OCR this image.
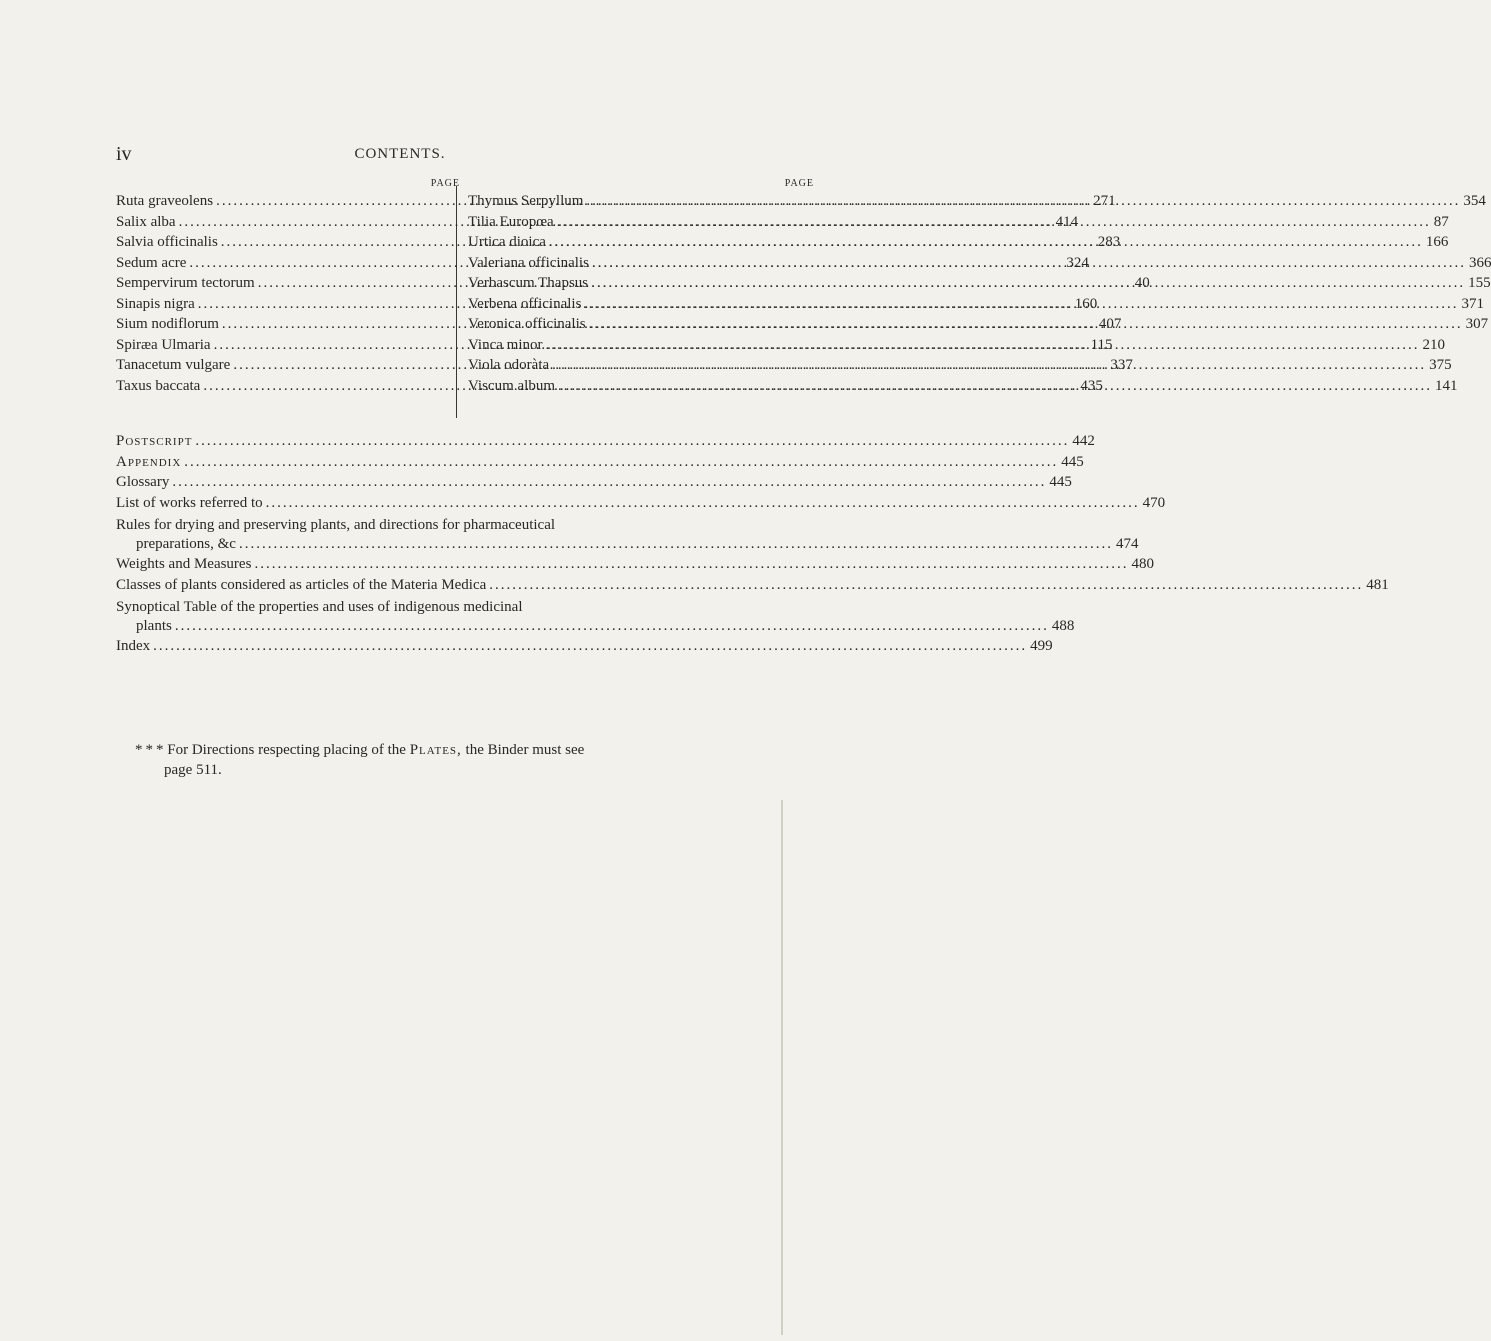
iv	CONTENTS.
PAGE
Ruta graveolens .....	271
Salix alba .....	414
Salvia officinalis .....	283
Sedum acre .....	324
Sempervirum tectorum .....	40
Sinapis nigra .....	160
Sium nodiflorum .....	407
Spiræa Ulmaria .....	115
Tanacetum vulgare .....	337
Taxus baccata .....	435
PAGE
Thymus Serpyllum .....	354
Tilia Europœa .....	87
Urtica dioica .....	166
Valeriana officinalis .....	366
Verbascum Thapsus .....	155
Verbena officinalis .....	371
Veronica officinalis .....	307
Vinca minor .....	210
Viola odoràta .....	375
Viscum album .....	141
Postscript .....	442
Appendix .....	445
Glossary .....	445
List of works referred to .....	470
Rules for drying and preserving plants, and directions for pharmaceutical
preparations, &c .....	474
Weights and Measures .....	480
Classes of plants considered as articles of the Materia Medica .....	481
Synoptical Table of the properties and uses of indigenous medicinal
plants .....	488
Index .....	499
* * * For Directions respecting placing of the Plates, the Binder must see
page 511.
